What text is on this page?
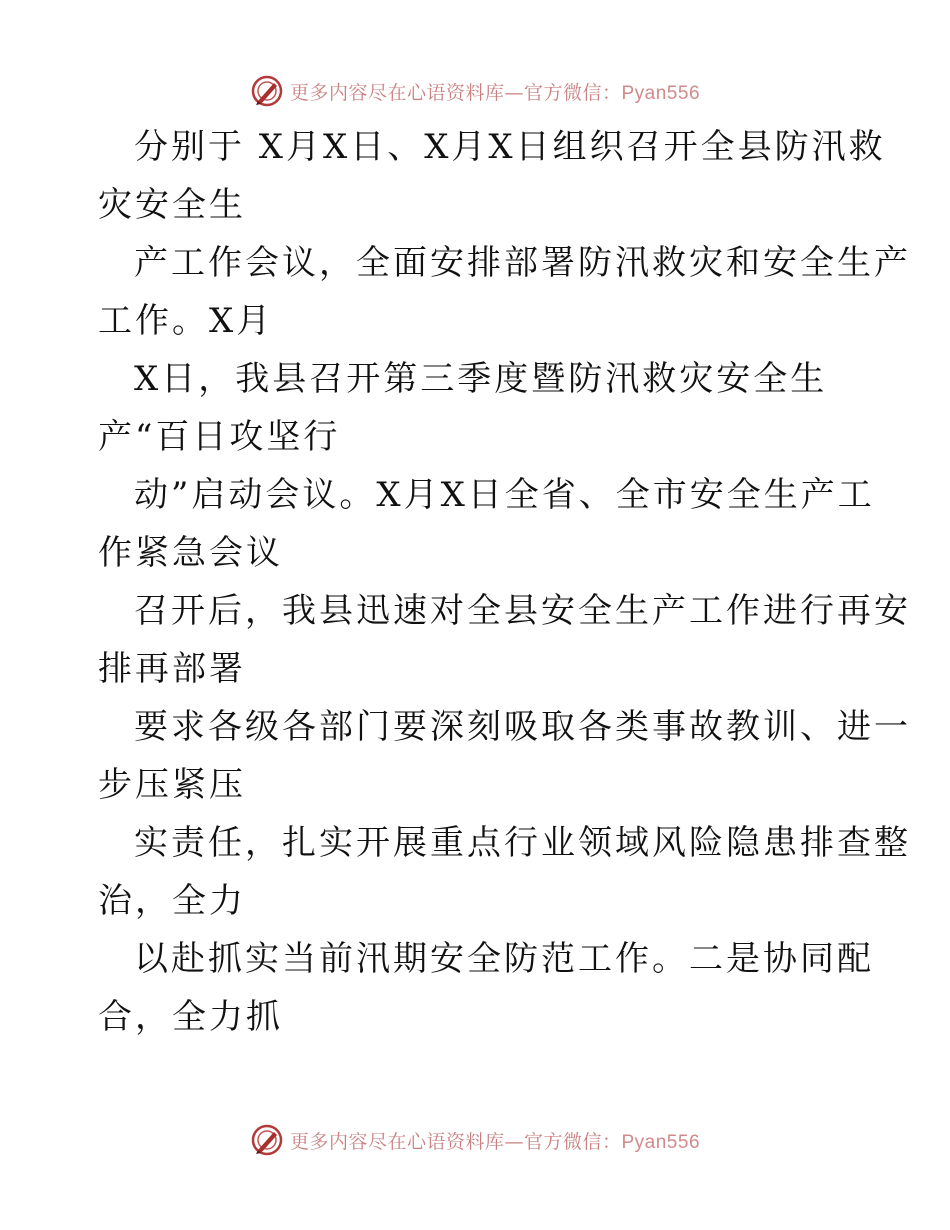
更多内容尽在心语资料库—官方微信：Pyan556

分别于 X月X日、X月X日组织召开全县防汛救
灾安全生

产工作会议，全面安排部署防汛救灾和安全生产
工作。X月

X日，我县召开第三季度暨防汛救灾安全生
产“百日攻坚行

动”启动会议。X月X日全省、全市安全生产工
作紧急会议

召开后，我县迅速对全县安全生产工作进行再安
排再部署

要求各级各部门要深刻吸取各类事故教训、进一
步压紧压

实责任，扎实开展重点行业领域风险隐患排查整
治，全力

以赴抓实当前汛期安全防范工作。二是协同配
合，全力抓

更多内容尽在心语资料库—官方微信：Pyan556
